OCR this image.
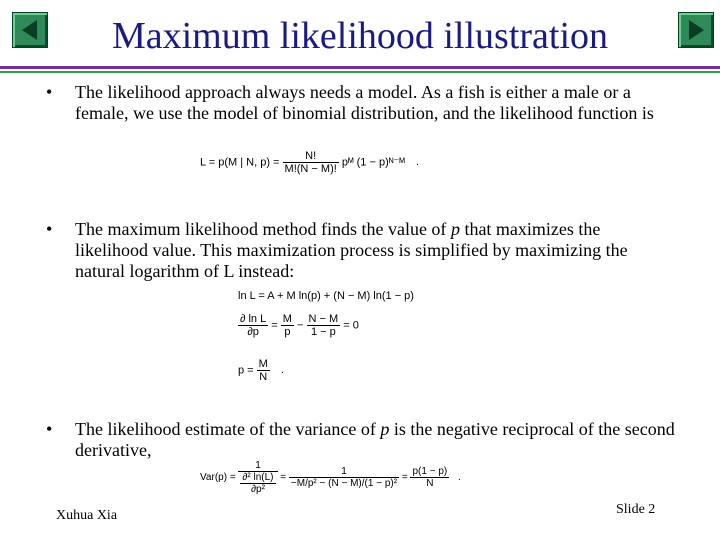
Maximum likelihood illustration
• The likelihood approach always needs a model. As a fish is either a male or a female, we use the model of binomial distribution, and the likelihood function is
L = p(M | N, $p) = \frac{N!}{M!(N - M)!}$ pᴹ (1 − p)ᴺ⁻ᴹ .
• The maximum likelihood method finds the value of p that maximizes the likelihood value. This maximization process is simplified by maximizing the natural logarithm of L instead:
ln L = A + M ln(p) + (N − M) ln(1 − p)
$\frac{\text{∂ ln L}}{\partial p} = \frac{M}{p} - \frac{N - M}{1 - p} = 0$
$p = \frac{M}{N}$ .
• The likelihood estimate of the variance of p is the negative reciprocal of the second derivative,
$Var(p) = \frac{1}{\frac{\text{∂² ln(L)}}{\text{∂p²}}} = \frac{1}{\text{−M/p² − (N − M)/(1 − p)²}} = \frac{p(1 - p)}{N}$ .
Xuhua Xia	Slide 2
